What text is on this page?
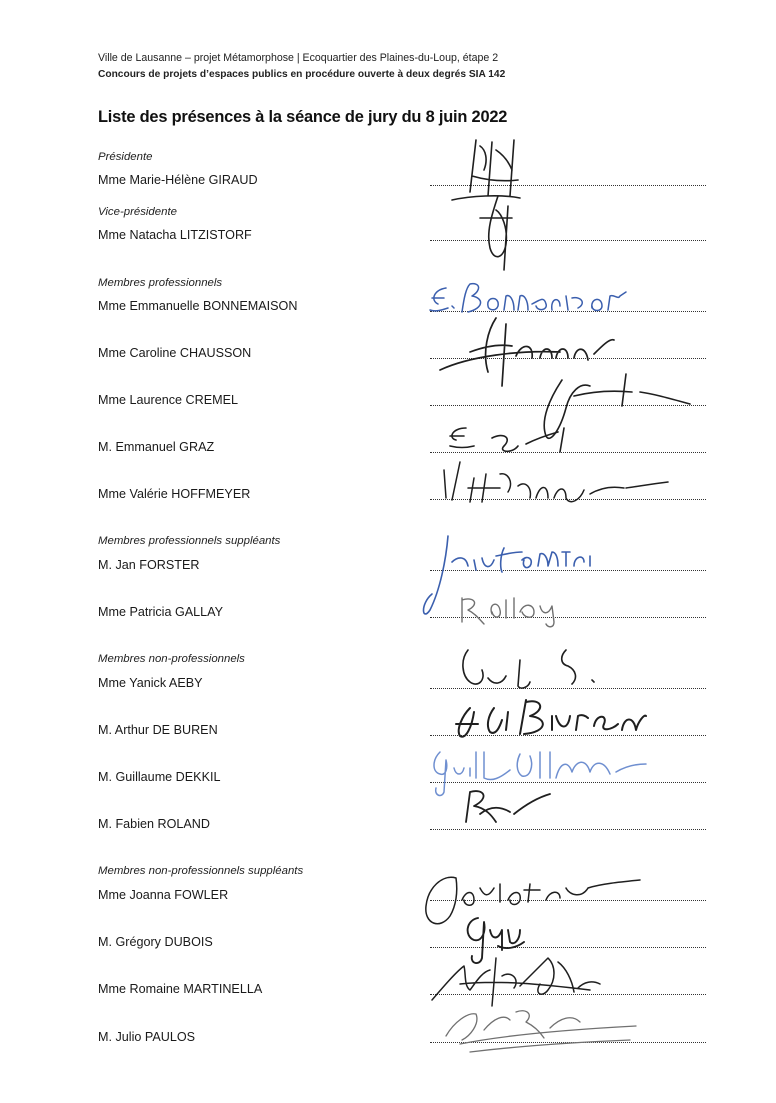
Ville de Lausanne – projet Métamorphose | Ecoquartier des Plaines-du-Loup, étape 2
Concours de projets d’espaces publics en procédure ouverte à deux degrés SIA 142
Liste des présences à la séance de jury du 8 juin 2022
Présidente
Mme Marie-Hélène GIRAUD
Vice-présidente
Mme Natacha LITZISTORF
Membres professionnels
Mme Emmanuelle BONNEMAISON
Mme Caroline CHAUSSON
Mme Laurence CREMEL
M. Emmanuel GRAZ
Mme Valérie HOFFMEYER
Membres professionnels suppléants
M. Jan FORSTER
Mme Patricia GALLAY
Membres non-professionnels
Mme Yanick AEBY
M. Arthur DE BUREN
M. Guillaume DEKKIL
M. Fabien ROLAND
Membres non-professionnels suppléants
Mme Joanna FOWLER
M. Grégory DUBOIS
Mme Romaine MARTINELLA
M. Julio PAULOS
